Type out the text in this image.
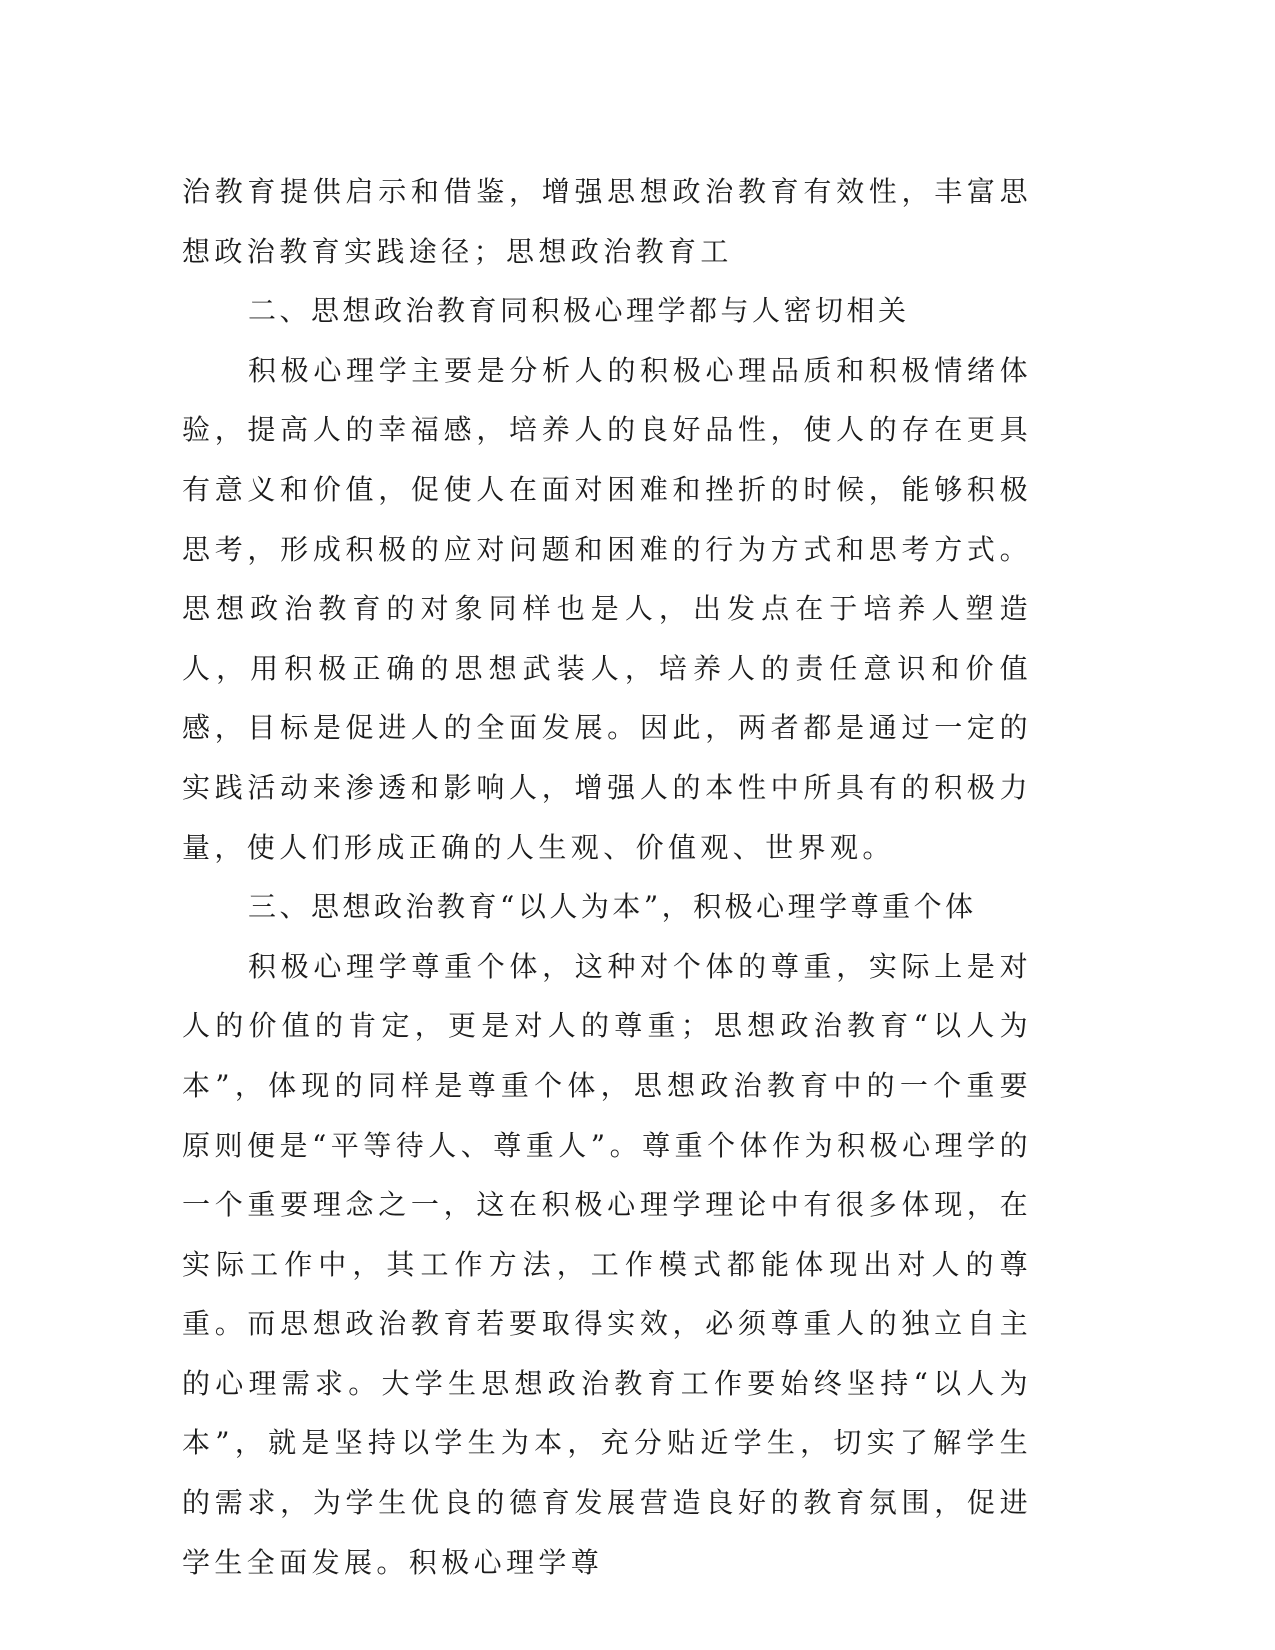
治教育提供启示和借鉴，增强思想政治教育有效性，丰富思想政治教育实践途径；思想政治教育工

二、思想政治教育同积极心理学都与人密切相关

积极心理学主要是分析人的积极心理品质和积极情绪体验，提高人的幸福感，培养人的良好品性，使人的存在更具有意义和价值，促使人在面对困难和挫折的时候，能够积极思考，形成积极的应对问题和困难的行为方式和思考方式。思想政治教育的对象同样也是人，出发点在于培养人塑造人，用积极正确的思想武装人，培养人的责任意识和价值感，目标是促进人的全面发展。因此，两者都是通过一定的实践活动来渗透和影响人，增强人的本性中所具有的积极力量，使人们形成正确的人生观、价值观、世界观。

三、思想政治教育“以人为本”，积极心理学尊重个体

积极心理学尊重个体，这种对个体的尊重，实际上是对人的价值的肯定，更是对人的尊重；思想政治教育“以人为本”，体现的同样是尊重个体，思想政治教育中的一个重要原则便是“平等待人、尊重人”。尊重个体作为积极心理学的一个重要理念之一，这在积极心理学理论中有很多体现，在实际工作中，其工作方法，工作模式都能体现出对人的尊重。而思想政治教育若要取得实效，必须尊重人的独立自主的心理需求。大学生思想政治教育工作要始终坚持“以人为本”，就是坚持以学生为本，充分贴近学生，切实了解学生的需求，为学生优良的德育发展营造良好的教育氛围，促进学生全面发展。积极心理学尊
